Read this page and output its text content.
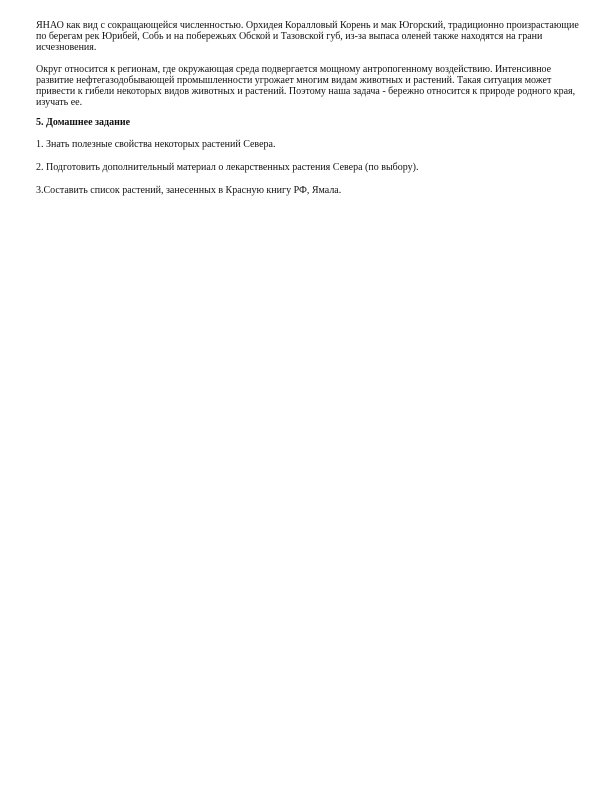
ЯНАО как вид с сокращающейся численностью. Орхидея Коралловый Корень и мак Югорский, традиционно произрастающие по берегам рек Юрибей, Собь и на побережьях Обской и Тазовской губ, из-за выпаса оленей также находятся на грани исчезновения.

Округ относится к регионам, где окружающая среда подвергается мощному антропогенному воздействию. Интенсивное развитие нефтегазодобывающей промышленности угрожает многим видам животных и растений. Такая ситуация может привести к гибели некоторых видов животных и растений. Поэтому наша задача - бережно относится к природе родного края, изучать ее.

5. Домашнее задание

1. Знать полезные свойства некоторых растений Севера.

2. Подготовить дополнительный материал о лекарственных растения Севера (по выбору).

3.Составить список растений, занесенных в Красную книгу РФ, Ямала.
